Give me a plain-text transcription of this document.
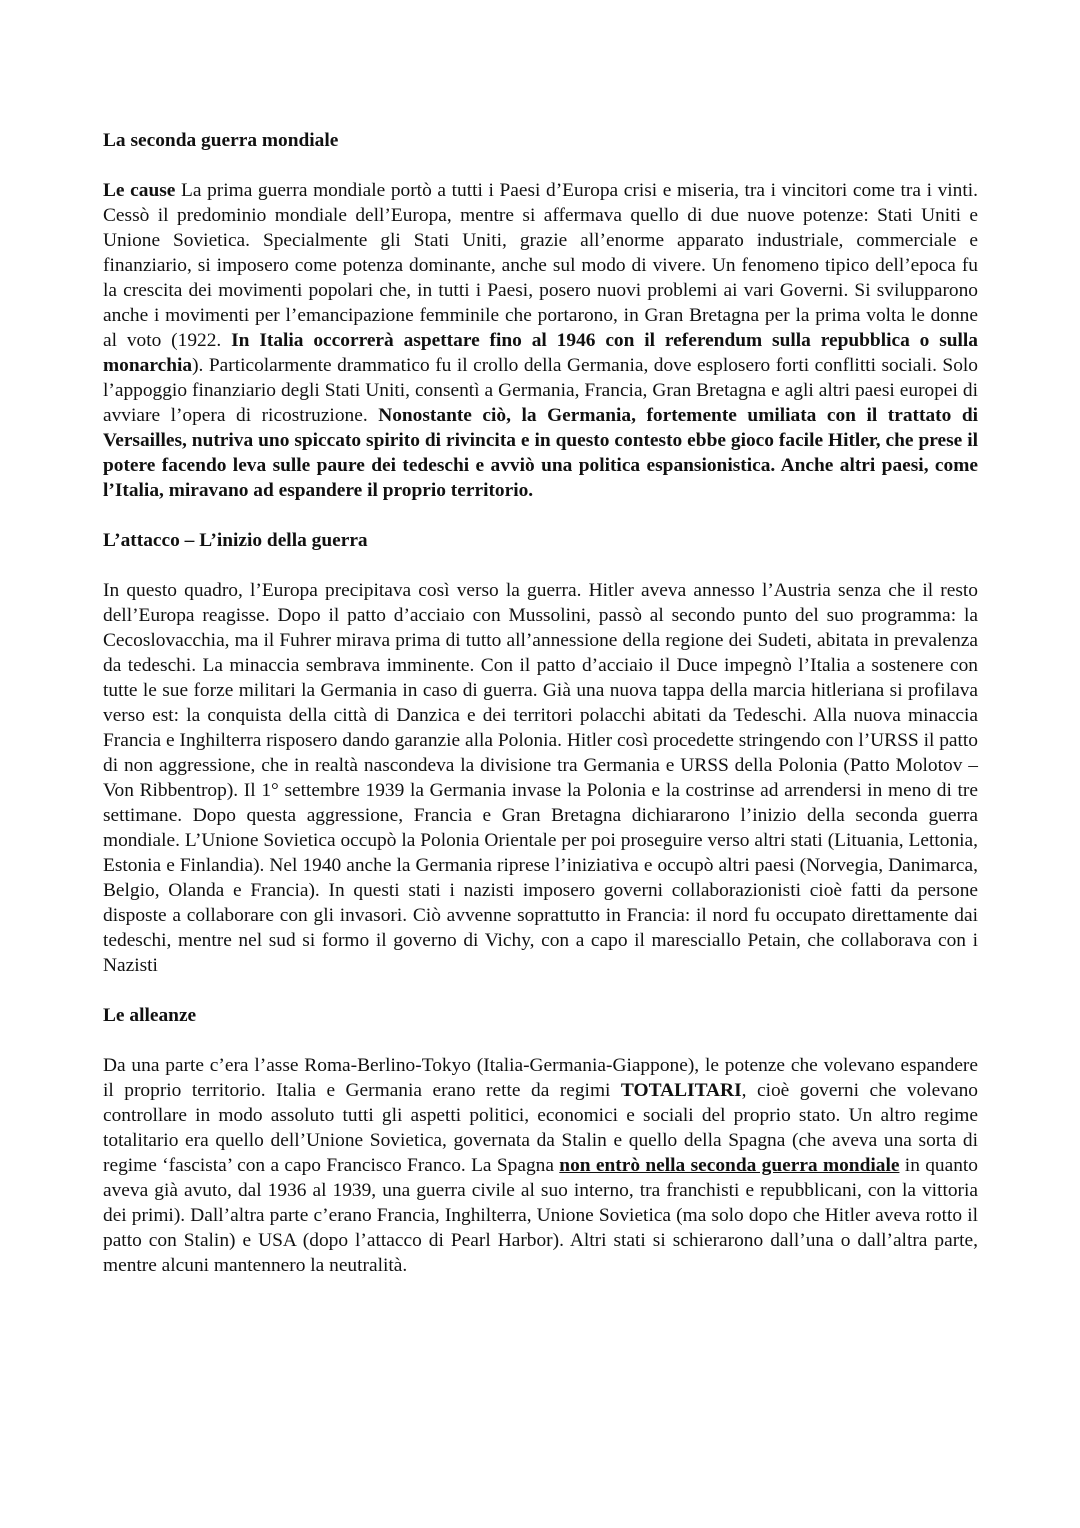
La seconda guerra mondiale

Le cause La prima guerra mondiale portò a tutti i Paesi d’Europa crisi e miseria, tra i vincitori come tra i vinti. Cessò il predominio mondiale dell’Europa, mentre si affermava quello di due nuove potenze: Stati Uniti e Unione Sovietica. Specialmente gli Stati Uniti, grazie all’enorme apparato industriale, commerciale e finanziario, si imposero come potenza dominante, anche sul modo di vivere. Un fenomeno tipico dell’epoca fu la crescita dei movimenti popolari che, in tutti i Paesi, posero nuovi problemi ai vari Governi. Si svilupparono anche i movimenti per l’emancipazione femminile che portarono, in Gran Bretagna per la prima volta le donne al voto (1922. In Italia occorrerà aspettare fino al 1946 con il referendum sulla repubblica o sulla monarchia). Particolarmente drammatico fu il crollo della Germania, dove esplosero forti conflitti sociali. Solo l’appoggio finanziario degli Stati Uniti, consentì a Germania, Francia, Gran Bretagna e agli altri paesi europei di avviare l’opera di ricostruzione. Nonostante ciò, la Germania, fortemente umiliata con il trattato di Versailles, nutriva uno spiccato spirito di rivincita e in questo contesto ebbe gioco facile Hitler, che prese il potere facendo leva sulle paure dei tedeschi e avviò una politica espansionistica. Anche altri paesi, come l’Italia, miravano ad espandere il proprio territorio.

L’attacco – L’inizio della guerra

In questo quadro, l’Europa precipitava così verso la guerra. Hitler aveva annesso l’Austria senza che il resto dell’Europa reagisse. Dopo il patto d’acciaio con Mussolini, passò al secondo punto del suo programma: la Cecoslovacchia, ma il Fuhrer mirava prima di tutto all’annessione della regione dei Sudeti, abitata in prevalenza da tedeschi. La minaccia sembrava imminente. Con il patto d’acciaio il Duce impegnò l’Italia a sostenere con tutte le sue forze militari la Germania in caso di guerra. Già una nuova tappa della marcia hitleriana si profilava verso est: la conquista della città di Danzica e dei territori polacchi abitati da Tedeschi. Alla nuova minaccia Francia e Inghilterra risposero dando garanzie alla Polonia. Hitler così procedette stringendo con l’URSS il patto di non aggressione, che in realtà nascondeva la divisione tra Germania e URSS della Polonia (Patto Molotov – Von Ribbentrop). Il 1° settembre 1939 la Germania invase la Polonia e la costrinse ad arrendersi in meno di tre settimane. Dopo questa aggressione, Francia e Gran Bretagna dichiararono l’inizio della seconda guerra mondiale. L’Unione Sovietica occupò la Polonia Orientale per poi proseguire verso altri stati (Lituania, Lettonia, Estonia e Finlandia). Nel 1940 anche la Germania riprese l’iniziativa e occupò altri paesi (Norvegia, Danimarca, Belgio, Olanda e Francia). In questi stati i nazisti imposero governi collaborazionisti cioè fatti da persone disposte a collaborare con gli invasori. Ciò avvenne soprattutto in Francia: il nord fu occupato direttamente dai tedeschi, mentre nel sud si formo il governo di Vichy, con a capo il maresciallo Petain, che collaborava con i Nazisti

Le alleanze

Da una parte c’era l’asse Roma-Berlino-Tokyo (Italia-Germania-Giappone), le potenze che volevano espandere il proprio territorio. Italia e Germania erano rette da regimi TOTALITARI, cioè governi che volevano controllare in modo assoluto tutti gli aspetti politici, economici e sociali del proprio stato. Un altro regime totalitario era quello dell’Unione Sovietica, governata da Stalin e quello della Spagna (che aveva una sorta di regime ‘fascista’ con a capo Francisco Franco. La Spagna non entrò nella seconda guerra mondiale in quanto aveva già avuto, dal 1936 al 1939, una guerra civile al suo interno, tra franchisti e repubblicani, con la vittoria dei primi). Dall’altra parte c’erano Francia, Inghilterra, Unione Sovietica (ma solo dopo che Hitler aveva rotto il patto con Stalin) e USA (dopo l’attacco di Pearl Harbor). Altri stati si schierarono dall’una o dall’altra parte, mentre alcuni mantennero la neutralità.
